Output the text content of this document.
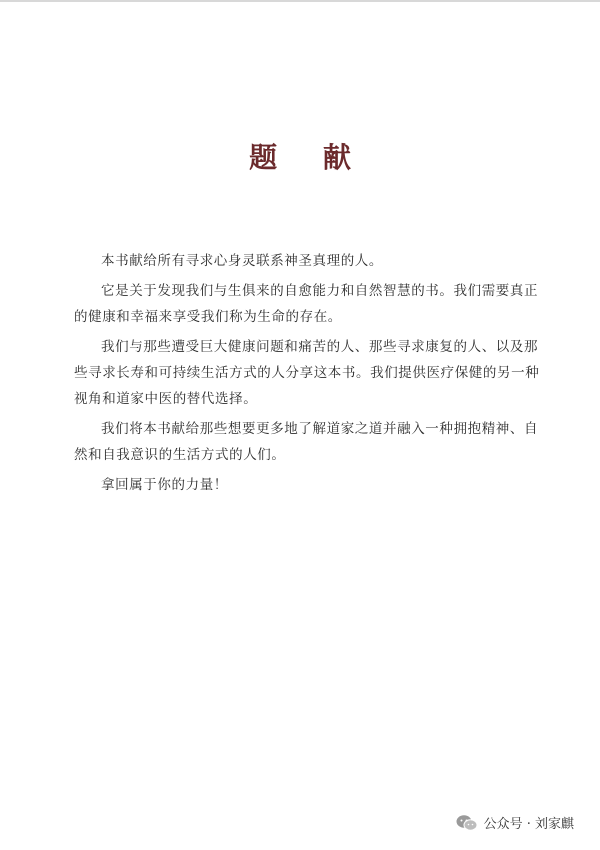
题 献

本书献给所有寻求心身灵联系神圣真理的人。

它是关于发现我们与生俱来的自愈能力和自然智慧的书。我们需要真正的健康和幸福来享受我们称为生命的存在。

我们与那些遭受巨大健康问题和痛苦的人、那些寻求康复的人、以及那些寻求长寿和可持续生活方式的人分享这本书。我们提供医疗保健的另一种视角和道家中医的替代选择。

我们将本书献给那些想要更多地了解道家之道并融入一种拥抱精神、自然和自我意识的生活方式的人们。

拿回属于你的力量！

公众号 · 刘家麒
